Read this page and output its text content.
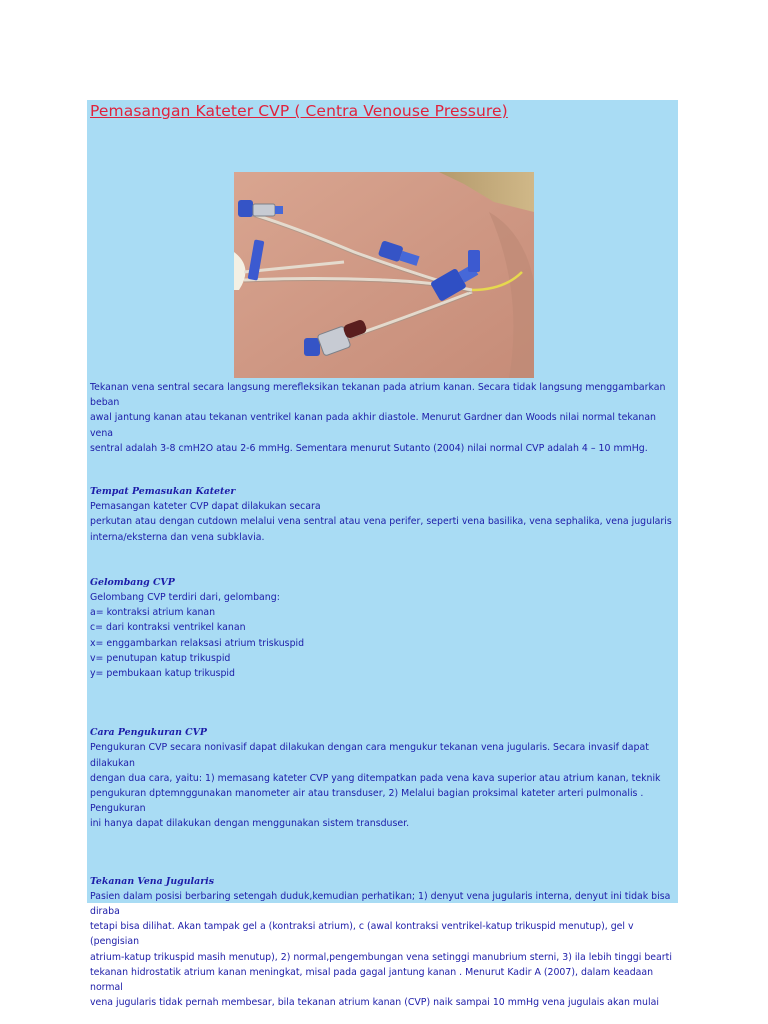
Pemasangan Kateter CVP ( Centra Venouse Pressure)

Tekanan vena sentral secara langsung merefleksikan tekanan pada atrium kanan. Secara tidak langsung menggambarkan beban

awal jantung kanan atau tekanan ventrikel kanan pada akhir diastole. Menurut Gardner dan Woods nilai normal tekanan vena

sentral adalah 3-8 cmH2O atau 2-6 mmHg. Sementara menurut Sutanto (2004) nilai normal CVP adalah 4 – 10 mmHg.

Tempat Pemasukan Kateter

Pemasangan kateter CVP dapat dilakukan secara

perkutan atau dengan cutdown melalui vena sentral atau vena perifer, seperti vena basilika, vena sephalika, vena jugularis

interna/eksterna dan vena subklavia.

Gelombang CVP

Gelombang CVP terdiri dari, gelombang:

a= kontraksi atrium kanan

c= dari kontraksi ventrikel kanan

x= enggambarkan relaksasi atrium triskuspid

v= penutupan katup trikuspid

y= pembukaan katup trikuspid

Cara Pengukuran CVP

Pengukuran CVP secara nonivasif dapat dilakukan dengan cara mengukur tekanan vena jugularis. Secara invasif dapat dilakukan

dengan dua cara, yaitu: 1) memasang kateter CVP yang ditempatkan pada vena kava superior atau atrium kanan, teknik

pengukuran dptemnggunakan manometer air atau transduser, 2) Melalui bagian proksimal kateter arteri pulmonalis . Pengukuran

ini hanya dapat dilakukan dengan menggunakan sistem transduser.

Tekanan Vena Jugularis

Pasien dalam posisi berbaring setengah duduk,kemudian perhatikan; 1) denyut vena jugularis interna, denyut ini tidak bisa diraba

tetapi bisa dilihat. Akan tampak gel a (kontraksi atrium), c (awal kontraksi ventrikel-katup trikuspid menutup), gel v (pengisian

atrium-katup trikuspid masih menutup), 2) normal,pengembungan vena setinggi manubrium sterni, 3) ila lebih tinggi bearti

tekanan hidrostatik atrium kanan meningkat, misal pada gagal jantung kanan . Menurut Kadir A (2007), dalam keadaan normal

vena jugularis tidak pernah membesar, bila tekanan atrium kanan (CVP) naik sampai 10 mmHg vena jugulais akan mulai
